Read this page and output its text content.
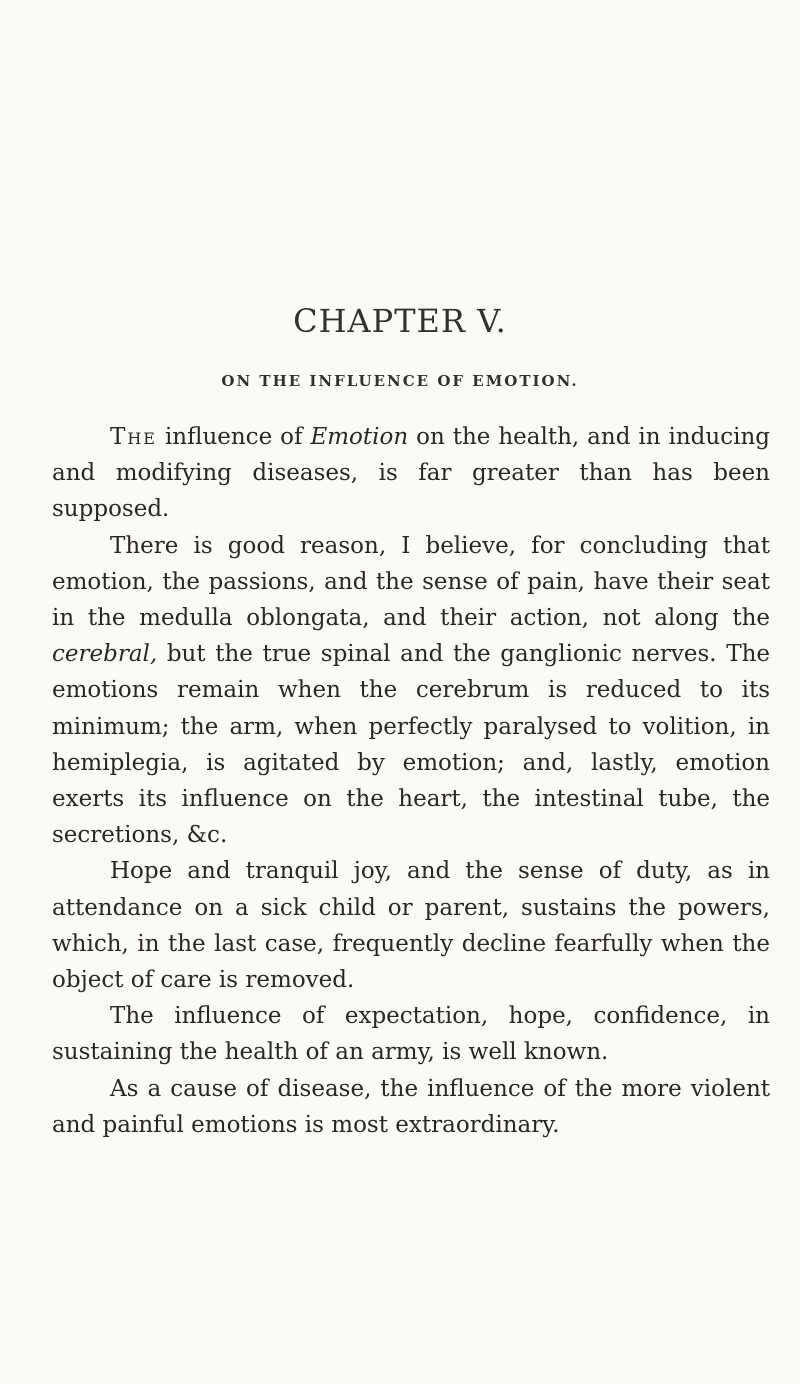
CHAPTER V.
ON THE INFLUENCE OF EMOTION.

The influence of Emotion on the health, and in inducing and modifying diseases, is far greater than has been supposed.

There is good reason, I believe, for concluding that emotion, the passions, and the sense of pain, have their seat in the medulla oblongata, and their action, not along the cerebral, but the true spinal and the ganglionic nerves. The emotions remain when the cerebrum is reduced to its minimum; the arm, when perfectly paralysed to volition, in hemiplegia, is agitated by emotion; and, lastly, emotion exerts its influence on the heart, the intestinal tube, the secretions, &c.

Hope and tranquil joy, and the sense of duty, as in attendance on a sick child or parent, sustains the powers, which, in the last case, frequently decline fearfully when the object of care is removed.

The influence of expectation, hope, confidence, in sustaining the health of an army, is well known.

As a cause of disease, the influence of the more violent and painful emotions is most extraordinary.
